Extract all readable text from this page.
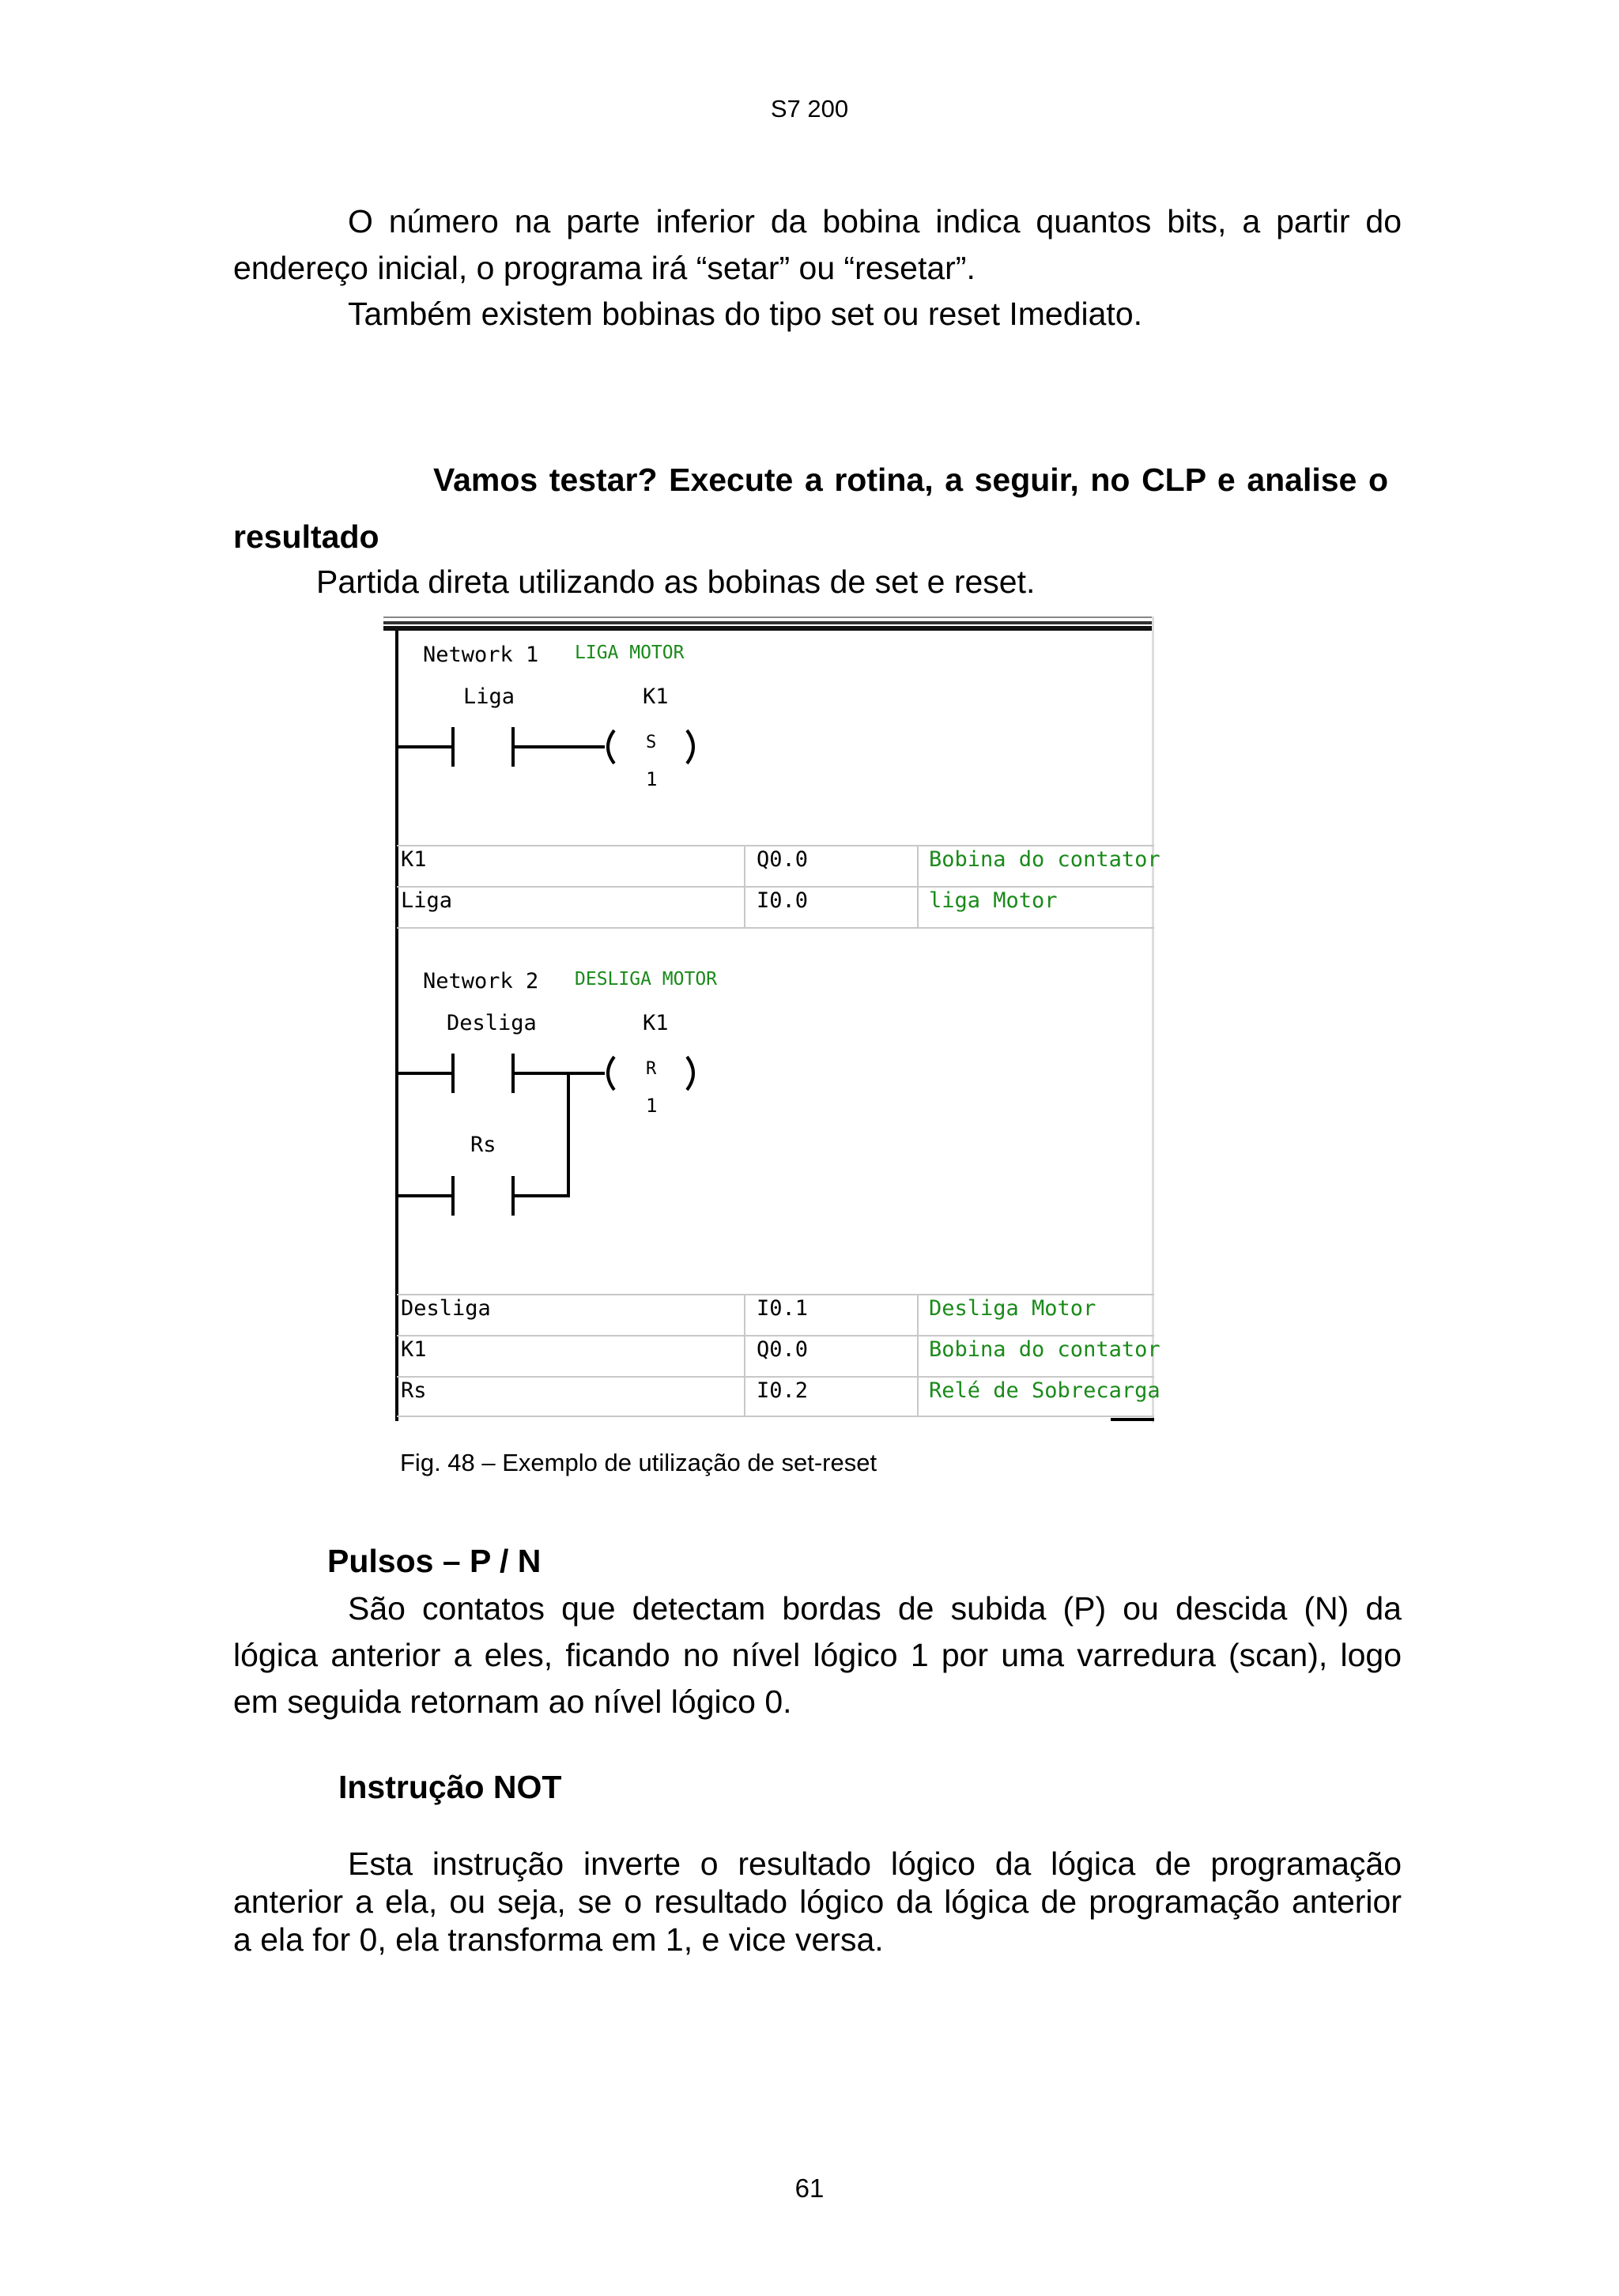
S7 200

O número na parte inferior da bobina indica quantos bits, a partir do

endereço inicial, o programa irá “setar” ou “resetar”.

Também existem bobinas do tipo set ou reset Imediato.

Vamos testar? Execute a rotina, a seguir, no CLP e analise o

resultado

Partida direta utilizando as bobinas de set e reset.

Network 1 LIGA MOTOR
Liga	K1
S
1
K1	Q0.0	Bobina do contator
Liga	I0.0	liga Motor
Network 2 DESLIGA MOTOR
Desliga	K1
R
1
Rs
Desliga	I0.1	Desliga Motor
K1	Q0.0	Bobina do contator
Rs	I0.2	Relé de Sobrecarga
Fig. 48 – Exemplo de utilização de set-reset

Pulsos – P / N

São contatos que detectam bordas de subida (P) ou descida (N) da

lógica anterior a eles, ficando no nível lógico 1 por uma varredura (scan), logo

em seguida retornam ao nível lógico 0.

Instrução NOT

Esta instrução inverte o resultado lógico da lógica de programação

anterior a ela, ou seja, se o resultado lógico da lógica de programação anterior

a ela for 0, ela transforma em 1, e vice versa.

61
